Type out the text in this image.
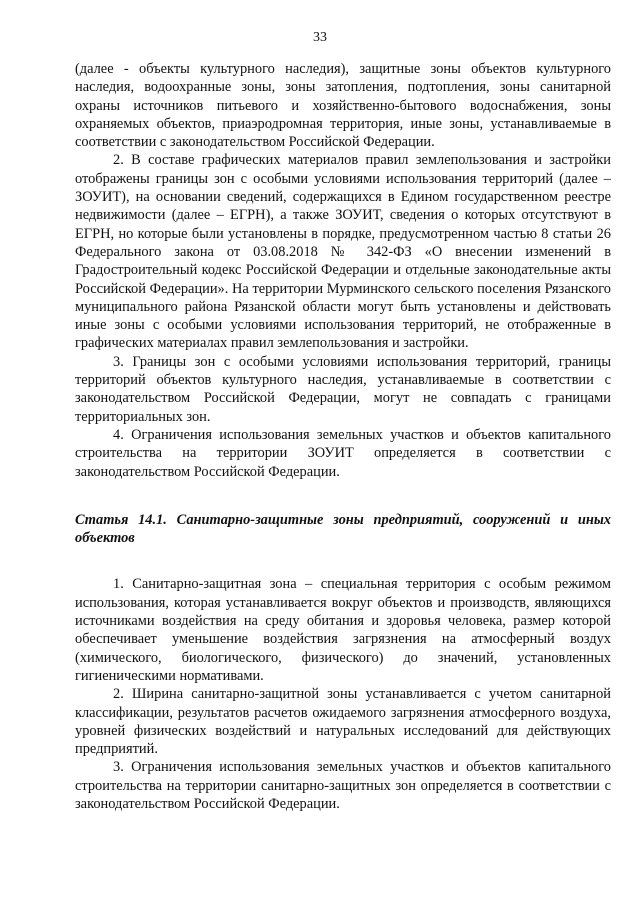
33

(далее - объекты культурного наследия), защитные зоны объектов культурного наследия, водоохранные зоны, зоны затопления, подтопления, зоны санитарной охраны источников питьевого и хозяйственно-бытового водоснабжения, зоны охраняемых объектов, приаэродромная территория, иные зоны, устанавливаемые в соответствии с законодательством Российской Федерации.

2. В составе графических материалов правил землепользования и застройки отображены границы зон с особыми условиями использования территорий (далее – ЗОУИТ), на основании сведений, содержащихся в Едином государственном реестре недвижимости (далее – ЕГРН), а также ЗОУИТ, сведения о которых отсутствуют в ЕГРН, но которые были установлены в порядке, предусмотренном частью 8 статьи 26 Федерального закона от 03.08.2018 № 342-ФЗ «О внесении изменений в Градостроительный кодекс Российской Федерации и отдельные законодательные акты Российской Федерации». На территории Мурминского сельского поселения Рязанского муниципального района Рязанской области могут быть установлены и действовать иные зоны с особыми условиями использования территорий, не отображенные в графических материалах правил землепользования и застройки.

3. Границы зон с особыми условиями использования территорий, границы территорий объектов культурного наследия, устанавливаемые в соответствии с законодательством Российской Федерации, могут не совпадать с границами территориальных зон.

4. Ограничения использования земельных участков и объектов капитального строительства на территории ЗОУИТ определяется в соответствии с законодательством Российской Федерации.

Статья 14.1. Санитарно-защитные зоны предприятий, сооружений и иных объектов

1. Санитарно-защитная зона – специальная территория с особым режимом использования, которая устанавливается вокруг объектов и производств, являющихся источниками воздействия на среду обитания и здоровья человека, размер которой обеспечивает уменьшение воздействия загрязнения на атмосферный воздух (химического, биологического, физического) до значений, установленных гигиеническими нормативами.

2. Ширина санитарно-защитной зоны устанавливается с учетом санитарной классификации, результатов расчетов ожидаемого загрязнения атмосферного воздуха, уровней физических воздействий и натуральных исследований для действующих предприятий.

3. Ограничения использования земельных участков и объектов капитального строительства на территории санитарно-защитных зон определяется в соответствии с законодательством Российской Федерации.
